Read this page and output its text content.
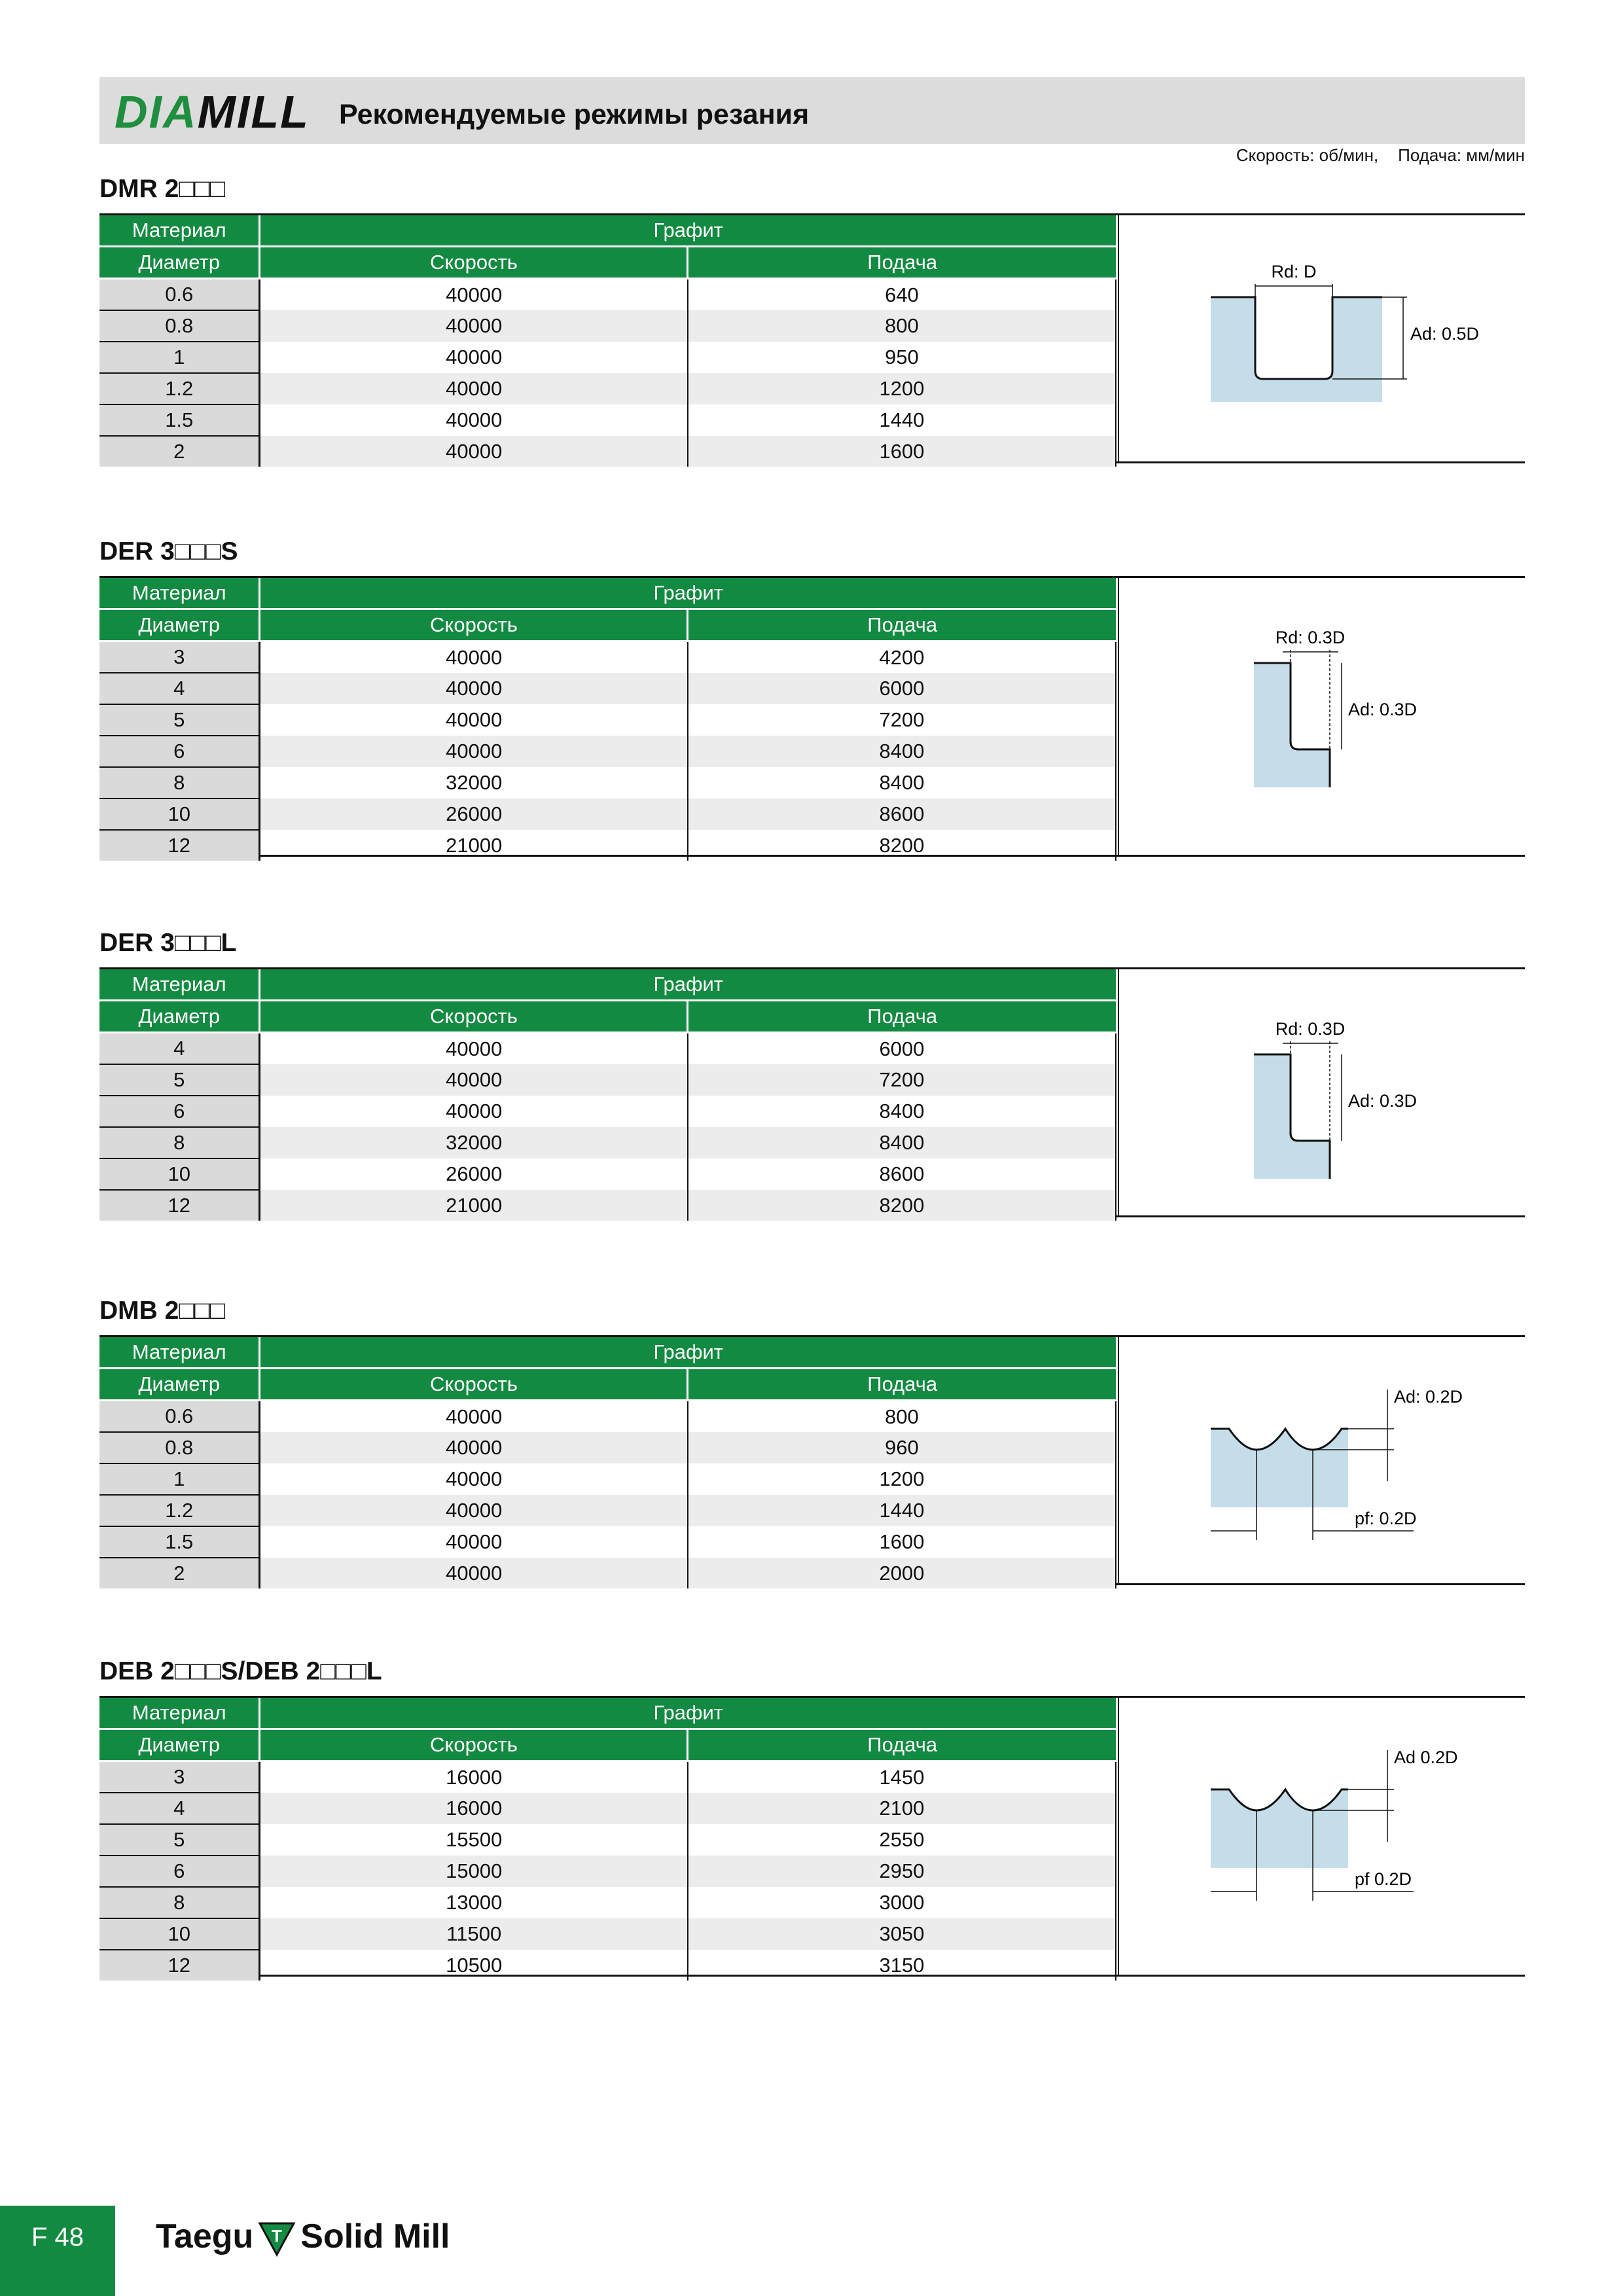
DIAMILL Рекомендуемые режимы резания
Скорость: об/мин, Подача: мм/мин
DMR 2□□□
Материал	Графит	
Диаметр	Скорость	Подача
0.6	40000	640
0.8	40000	800
1	40000	950
1.2	40000	1200
1.5	40000	1440
2	40000	1600
Rd: D
Ad: 0.5D
DER 3□□□S
Материал	Графит	
Диаметр	Скорость	Подача
3	40000	4200
4	40000	6000
5	40000	7200
6	40000	8400
8	32000	8400
10	26000	8600
12	21000	8200
Rd: 0.3D
Ad: 0.3D
DER 3□□□L
Материал	Графит	
Диаметр	Скорость	Подача
4	40000	6000
5	40000	7200
6	40000	8400
8	32000	8400
10	26000	8600
12	21000	8200
Rd: 0.3D
Ad: 0.3D
DMB 2□□□
Материал	Графит	
Диаметр	Скорость	Подача
0.6	40000	800
0.8	40000	960
1	40000	1200
1.2	40000	1440
1.5	40000	1600
2	40000	2000
pf: 0.2D
Ad: 0.2D
DEB 2□□□S/DEB 2□□□L
Материал	Графит	
Диаметр	Скорость	Подача
3	16000	1450
4	16000	2100
5	15500	2550
6	15000	2950
8	13000	3000
10	11500	3050
12	10500	3150
pf 0.2D
Ad 0.2D
F 48	Taegu T Solid Mill
